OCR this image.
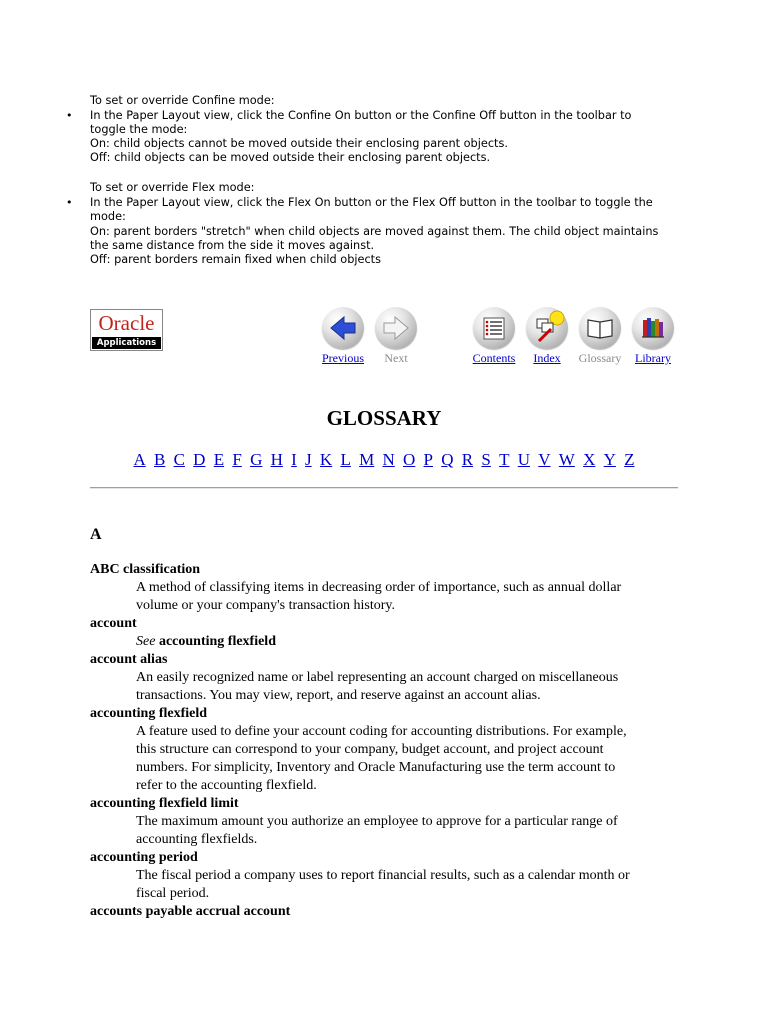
To set or override Confine mode:
• In the Paper Layout view, click the Confine On button or the Confine Off button in the toolbar to
toggle the mode:
On: child objects cannot be moved outside their enclosing parent objects.
Off: child objects can be moved outside their enclosing parent objects.
To set or override Flex mode:
• In the Paper Layout view, click the Flex On button or the Flex Off button in the toolbar to toggle the
mode:
On: parent borders "stretch" when child objects are moved against them. The child object maintains
the same distance from the side it moves against.
Off: parent borders remain fixed when child objects
Oracle
Applications
Previous	Next	Contents	Index	Glossary	Library
GLOSSARY
A B C D E F G H I J K L M N O P Q R S T U V W X Y Z
A
ABC classification
A method of classifying items in decreasing order of importance, such as annual dollar
volume or your company's transaction history.
account
See accounting flexfield
account alias
An easily recognized name or label representing an account charged on miscellaneous
transactions. You may view, report, and reserve against an account alias.
accounting flexfield
A feature used to define your account coding for accounting distributions. For example,
this structure can correspond to your company, budget account, and project account
numbers. For simplicity, Inventory and Oracle Manufacturing use the term account to
refer to the accounting flexfield.
accounting flexfield limit
The maximum amount you authorize an employee to approve for a particular range of
accounting flexfields.
accounting period
The fiscal period a company uses to report financial results, such as a calendar month or
fiscal period.
accounts payable accrual account
